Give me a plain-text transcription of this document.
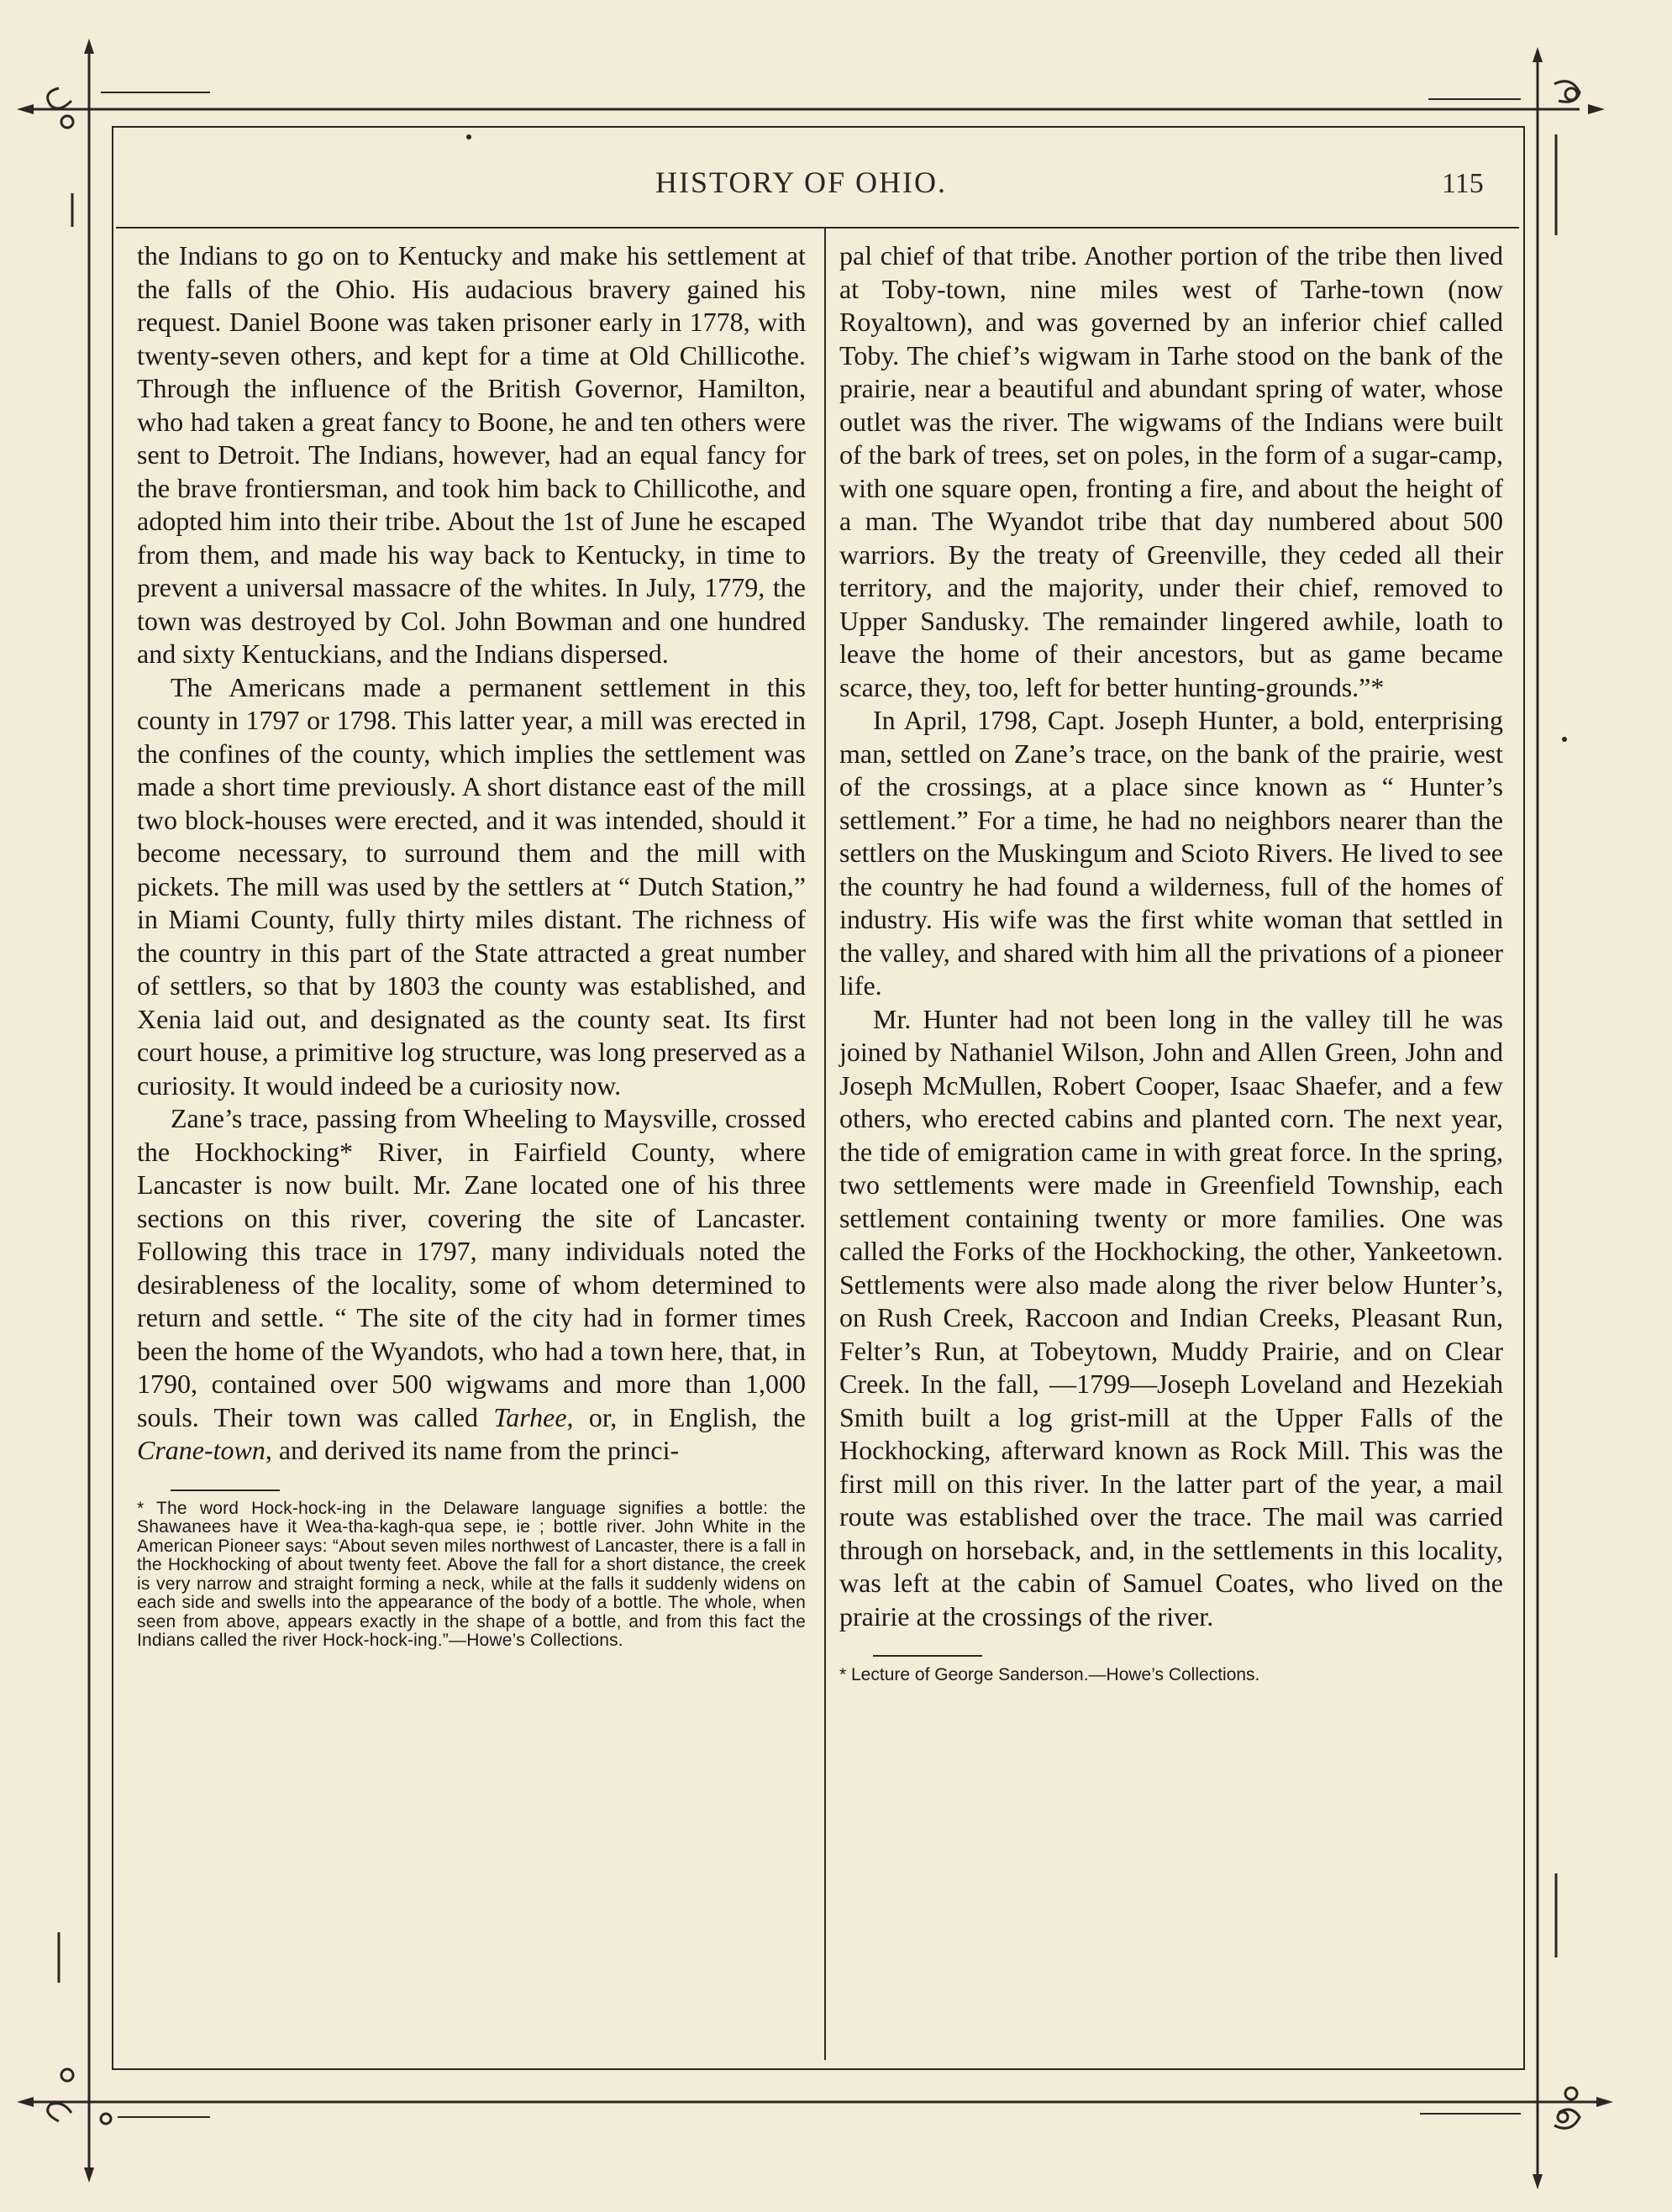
HISTORY OF OHIO.	115

the Indians to go on to Kentucky and make his settlement at the falls of the Ohio. His audacious bravery gained his request. Daniel Boone was taken prisoner early in 1778, with twenty-seven others, and kept for a time at Old Chillicothe. Through the influence of the British Governor, Hamilton, who had taken a great fancy to Boone, he and ten others were sent to Detroit. The Indians, however, had an equal fancy for the brave frontiersman, and took him back to Chillicothe, and adopted him into their tribe. About the 1st of June he escaped from them, and made his way back to Kentucky, in time to prevent a universal massacre of the whites. In July, 1779, the town was destroyed by Col. John Bowman and one hundred and sixty Kentuckians, and the Indians dispersed.

The Americans made a permanent settlement in this county in 1797 or 1798. This latter year, a mill was erected in the confines of the county, which implies the settlement was made a short time previously. A short distance east of the mill two block-houses were erected, and it was intended, should it become necessary, to surround them and the mill with pickets. The mill was used by the settlers at “ Dutch Station,” in Miami County, fully thirty miles distant. The richness of the country in this part of the State attracted a great number of settlers, so that by 1803 the county was established, and Xenia laid out, and designated as the county seat. Its first court house, a primitive log structure, was long preserved as a curiosity. It would indeed be a curiosity now.

Zane’s trace, passing from Wheeling to Maysville, crossed the Hockhocking* River, in Fairfield County, where Lancaster is now built. Mr. Zane located one of his three sections on this river, covering the site of Lancaster. Following this trace in 1797, many individuals noted the desirableness of the locality, some of whom determined to return and settle. “ The site of the city had in former times been the home of the Wyandots, who had a town here, that, in 1790, contained over 500 wigwams and more than 1,000 souls. Their town was called Tarhee, or, in English, the Crane-town, and derived its name from the princi-

* The word Hock-hock-ing in the Delaware language signifies a bottle: the Shawanees have it Wea-tha-kagh-qua sepe, ie ; bottle river. John White in the American Pioneer says: “About seven miles northwest of Lancaster, there is a fall in the Hockhocking of about twenty feet. Above the fall for a short distance, the creek is very narrow and straight forming a neck, while at the falls it suddenly widens on each side and swells into the appearance of the body of a bottle. The whole, when seen from above, appears exactly in the shape of a bottle, and from this fact the Indians called the river Hock-hock-ing.”—Howe’s Collections.

pal chief of that tribe. Another portion of the tribe then lived at Toby-town, nine miles west of Tarhe-town (now Royaltown), and was governed by an inferior chief called Toby. The chief’s wigwam in Tarhe stood on the bank of the prairie, near a beautiful and abundant spring of water, whose outlet was the river. The wigwams of the Indians were built of the bark of trees, set on poles, in the form of a sugar-camp, with one square open, fronting a fire, and about the height of a man. The Wyandot tribe that day numbered about 500 warriors. By the treaty of Greenville, they ceded all their territory, and the majority, under their chief, removed to Upper Sandusky. The remainder lingered awhile, loath to leave the home of their ancestors, but as game became scarce, they, too, left for better hunting-grounds.”*

In April, 1798, Capt. Joseph Hunter, a bold, enterprising man, settled on Zane’s trace, on the bank of the prairie, west of the crossings, at a place since known as “ Hunter’s settlement.” For a time, he had no neighbors nearer than the settlers on the Muskingum and Scioto Rivers. He lived to see the country he had found a wilderness, full of the homes of industry. His wife was the first white woman that settled in the valley, and shared with him all the privations of a pioneer life.

Mr. Hunter had not been long in the valley till he was joined by Nathaniel Wilson, John and Allen Green, John and Joseph McMullen, Robert Cooper, Isaac Shaefer, and a few others, who erected cabins and planted corn. The next year, the tide of emigration came in with great force. In the spring, two settlements were made in Greenfield Township, each settlement containing twenty or more families. One was called the Forks of the Hockhocking, the other, Yankeetown. Settlements were also made along the river below Hunter’s, on Rush Creek, Raccoon and Indian Creeks, Pleasant Run, Felter’s Run, at Tobeytown, Muddy Prairie, and on Clear Creek. In the fall, —1799—Joseph Loveland and Hezekiah Smith built a log grist-mill at the Upper Falls of the Hockhocking, afterward known as Rock Mill. This was the first mill on this river. In the latter part of the year, a mail route was established over the trace. The mail was carried through on horseback, and, in the settlements in this locality, was left at the cabin of Samuel Coates, who lived on the prairie at the crossings of the river.

* Lecture of George Sanderson.—Howe’s Collections.
